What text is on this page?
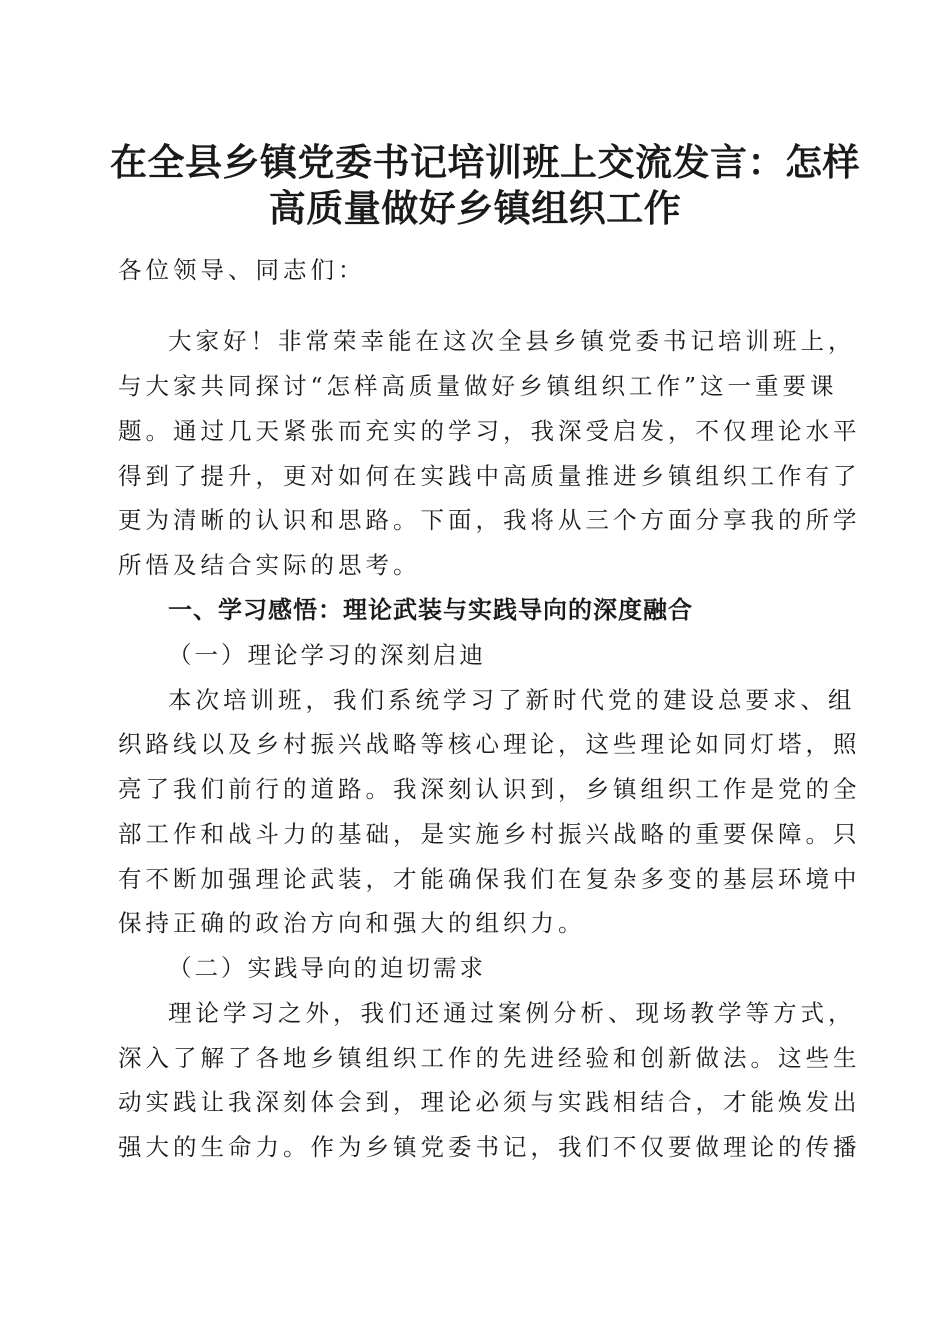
在全县乡镇党委书记培训班上交流发言：怎样
高质量做好乡镇组织工作

各位领导、同志们：

大家好！非常荣幸能在这次全县乡镇党委书记培训班上，

与大家共同探讨“怎样高质量做好乡镇组织工作”这一重要课

题。通过几天紧张而充实的学习，我深受启发，不仅理论水平

得到了提升，更对如何在实践中高质量推进乡镇组织工作有了

更为清晰的认识和思路。下面，我将从三个方面分享我的所学

所悟及结合实际的思考。

一、学习感悟：理论武装与实践导向的深度融合

（一）理论学习的深刻启迪

本次培训班，我们系统学习了新时代党的建设总要求、组

织路线以及乡村振兴战略等核心理论，这些理论如同灯塔，照

亮了我们前行的道路。我深刻认识到，乡镇组织工作是党的全

部工作和战斗力的基础，是实施乡村振兴战略的重要保障。只

有不断加强理论武装，才能确保我们在复杂多变的基层环境中

保持正确的政治方向和强大的组织力。

（二）实践导向的迫切需求

理论学习之外，我们还通过案例分析、现场教学等方式，

深入了解了各地乡镇组织工作的先进经验和创新做法。这些生

动实践让我深刻体会到，理论必须与实践相结合，才能焕发出

强大的生命力。作为乡镇党委书记，我们不仅要做理论的传播
